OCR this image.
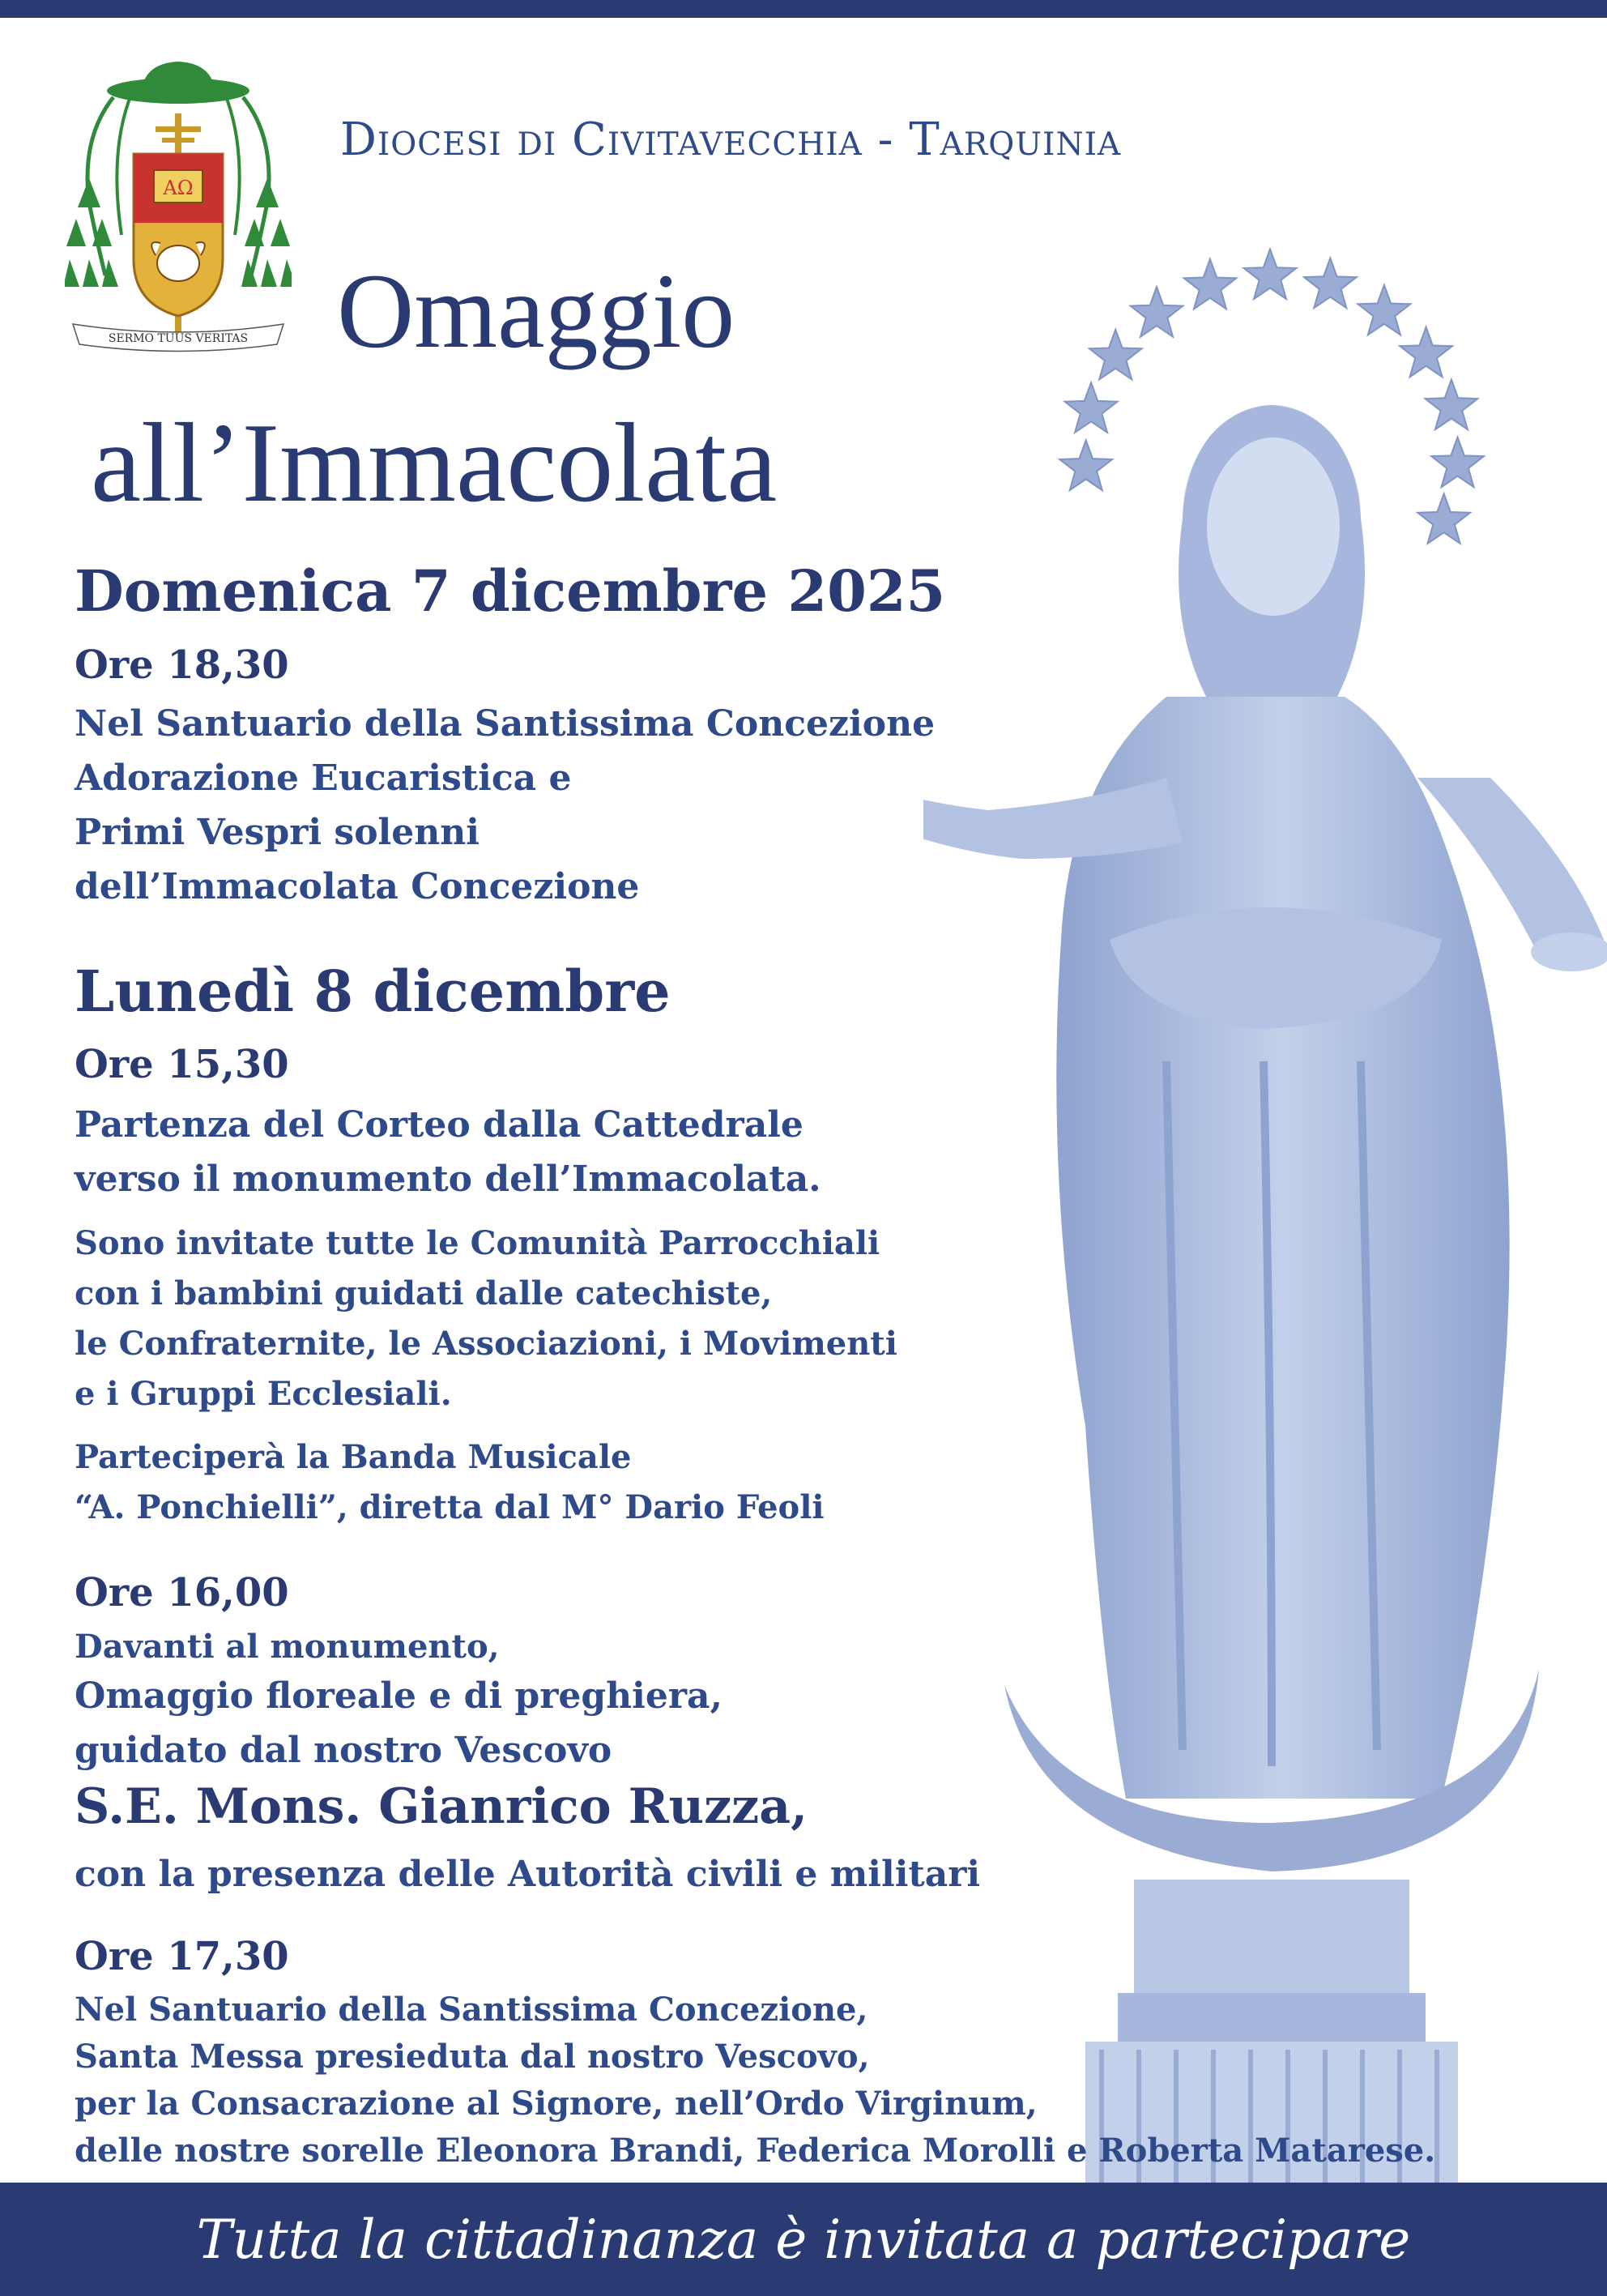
AΩ
SERMO TUUS VERITAS
Diocesi di Civitavecchia - Tarquinia
Omaggio
all’Immacolata
Domenica 7 dicembre 2025
Ore 18,30
Nel Santuario della Santissima Concezione
Adorazione Eucaristica e
Primi Vespri solenni
dell’Immacolata Concezione
Lunedì 8 dicembre
Ore 15,30
Partenza del Corteo dalla Cattedrale
verso il monumento dell’Immacolata.
Sono invitate tutte le Comunità Parrocchiali
con i bambini guidati dalle catechiste,
le Confraternite, le Associazioni, i Movimenti
e i Gruppi Ecclesiali.
Parteciperà la Banda Musicale
“A. Ponchielli”, diretta dal M° Dario Feoli
Ore 16,00
Davanti al monumento,
Omaggio floreale e di preghiera,
guidato dal nostro Vescovo
S.E. Mons. Gianrico Ruzza,
con la presenza delle Autorità civili e militari
Ore 17,30
Nel Santuario della Santissima Concezione,
Santa Messa presieduta dal nostro Vescovo,
per la Consacrazione al Signore, nell’Ordo Virginum,
delle nostre sorelle Eleonora Brandi, Federica Morolli e Roberta Matarese.
Tutta la cittadinanza è invitata a partecipare
